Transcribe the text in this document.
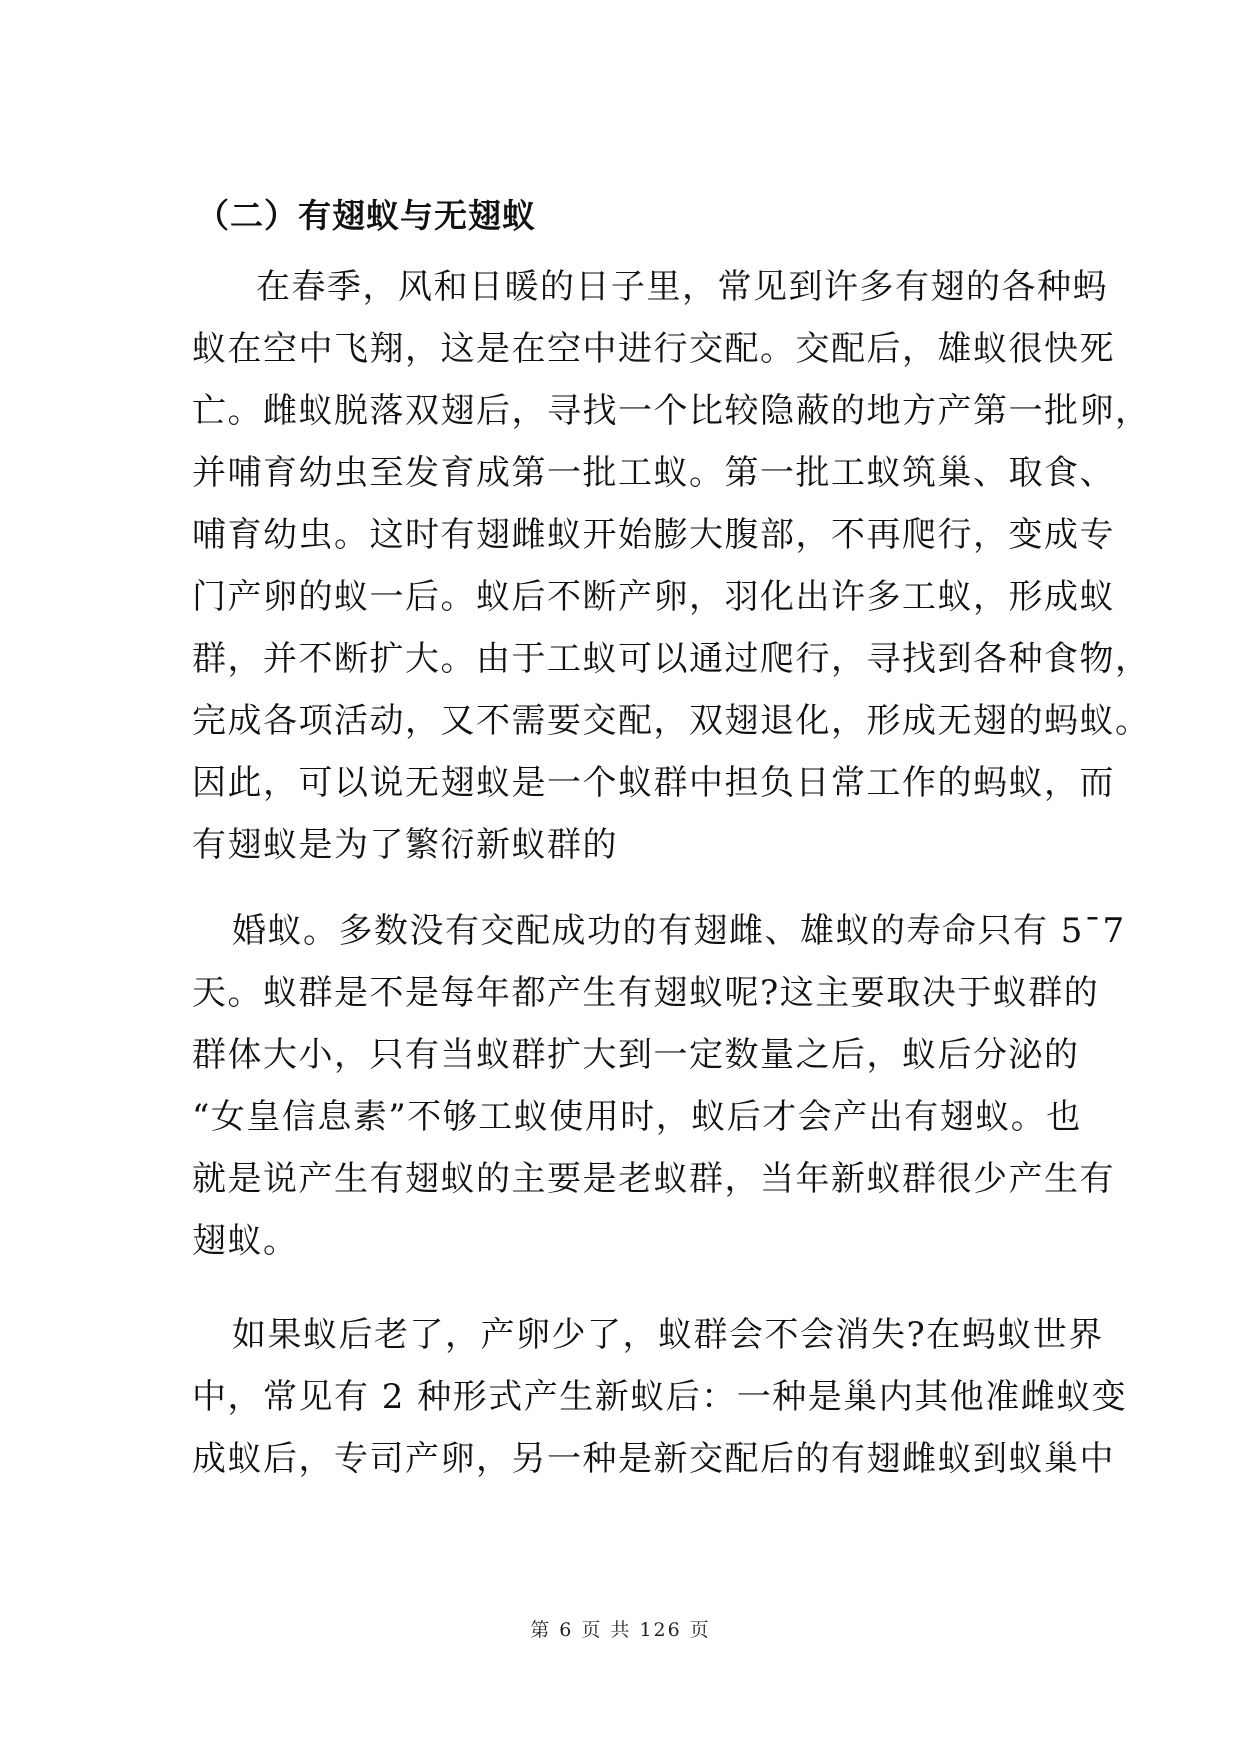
（二）有翅蚁与无翅蚁
在春季，风和日暖的日子里，常见到许多有翅的各种蚂
蚁在空中飞翔，这是在空中进行交配。交配后，雄蚁很快死
亡。雌蚁脱落双翅后，寻找一个比较隐蔽的地方产第一批卵，
并哺育幼虫至发育成第一批工蚁。第一批工蚁筑巢、取食、
哺育幼虫。这时有翅雌蚁开始膨大腹部，不再爬行，变成专
门产卵的蚁一后。蚁后不断产卵，羽化出许多工蚁，形成蚁
群，并不断扩大。由于工蚁可以通过爬行，寻找到各种食物，
完成各项活动，又不需要交配，双翅退化，形成无翅的蚂蚁。
因此，可以说无翅蚁是一个蚁群中担负日常工作的蚂蚁，而
有翅蚁是为了繁衍新蚁群的
婚蚁。多数没有交配成功的有翅雌、雄蚁的寿命只有 5¯7
天。蚁群是不是每年都产生有翅蚁呢?这主要取决于蚁群的
群体大小，只有当蚁群扩大到一定数量之后，蚁后分泌的
“女皇信息素”不够工蚁使用时，蚁后才会产出有翅蚁。也
就是说产生有翅蚁的主要是老蚁群，当年新蚁群很少产生有
翅蚁。
如果蚁后老了，产卵少了，蚁群会不会消失?在蚂蚁世界
中，常见有 2 种形式产生新蚁后：一种是巢内其他准雌蚁变
成蚁后，专司产卵，另一种是新交配后的有翅雌蚁到蚁巢中
第 6 页 共 126 页
